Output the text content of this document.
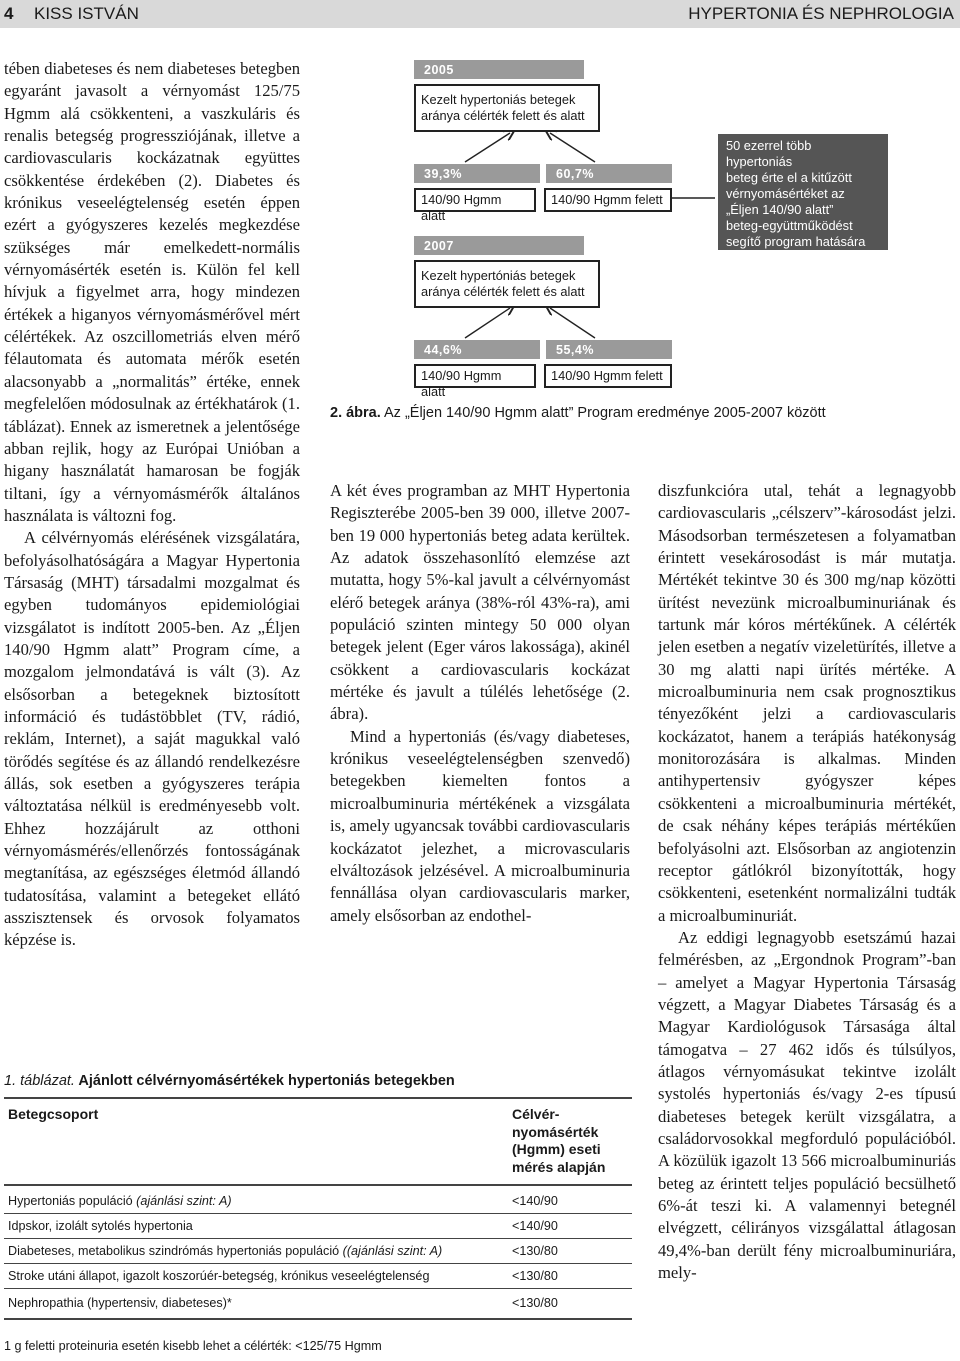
4 KISS ISTVÁN	HYPERTONIA ÉS NEPHROLOGIA

tében diabeteses és nem diabeteses betegben egyaránt javasolt a vérnyomást 125/75 Hgmm alá csökkenteni, a vaszkuláris és renalis betegség progressziójának, illetve a cardiovascularis kockázatnak együttes csökkentése érdekében (2). Diabetes és krónikus veseelégtelenség esetén éppen ezért a gyógyszeres kezelés megkezdése szükséges már emelkedett-normális vérnyomásérték esetén is. Külön fel kell hívjuk a figyelmet arra, hogy mindezen értékek a higanyos vérnyomásmérővel mért célértékek. Az oszcillometriás elven mérő félautomata és automata mérők esetén alacsonyabb a „normalitás” értéke, ennek megfelelően módosulnak az értékhatárok (1. táblázat). Ennek az ismeretnek a jelentősége abban rejlik, hogy az Európai Unióban a higany használatát hamarosan be fogják tiltani, így a vérnyomásmérők általános használata is változni fog.

A célvérnyomás elérésének vizsgálatára, befolyásolhatóságára a Magyar Hypertonia Társaság (MHT) társadalmi mozgalmat és egyben tudományos epidemiológiai vizsgálatot is indított 2005-ben. Az „Éljen 140/90 Hgmm alatt” Program címe, a mozgalom jelmondatává is vált (3). Az elsősorban a betegeknek biztosított információ és tudástöbblet (TV, rádió, reklám, Internet), a saját magukkal való törődés segítése és az állandó rendelkezésre állás, sok esetben a gyógyszeres terápia változtatása nélkül is eredményesebb volt. Ehhez hozzájárult az otthoni vérnyomásmérés/ellenőrzés fontosságának megtanítása, az egészséges életmód állandó tudatosítása, valamint a betegeket ellátó asszisztensek és orvosok folyamatos képzése is.

2005
Kezelt hypertoniás betegek
aránya célérték felett és alatt
39,3%	60,7%
140/90 Hgmm alatt
140/90 Hgmm felett
50 ezerrel több hypertoniás
beteg érte el a kitűzött
vérnyomásértéket az
„Éljen 140/90 alatt”
beteg-együttműködést
segítő program hatására
18 hónap alatt
2007
Kezelt hypertóniás betegek
aránya célérték felett és alatt
44,6%	55,4%
140/90 Hgmm alatt
140/90 Hgmm felett
2. ábra. Az „Éljen 140/90 Hgmm alatt” Program eredménye 2005-2007 között

A két éves programban az MHT Hypertonia Regiszterébe 2005-ben 39 000, illetve 2007-ben 19 000 hypertoniás beteg adata kerültek. Az adatok összehasonlító elemzése azt mutatta, hogy 5%-kal javult a célvérnyomást elérő betegek aránya (38%-ról 43%-ra), ami populáció szinten mintegy 50 000 olyan betegek jelent (Eger város lakossága), akinél csökkent a cardiovascularis kockázat mértéke és javult a túlélés lehetősége (2. ábra).

Mind a hypertoniás (és/vagy diabeteses, krónikus veseelégtelenségben szenvedő) betegekben kiemelten fontos a microalbuminuria mértékének a vizsgálata is, amely ugyancsak további cardiovascularis kockázatot jelezhet, a microvascularis elváltozások jelzésével. A microalbuminuria fennállása olyan cardiovascularis marker, amely elsősorban az endothel-

diszfunkcióra utal, tehát a legnagyobb cardiovascularis „célszerv”-károsodást jelzi. Másodsorban természetesen a folyamatban érintett vesekárosodást is már mutatja. Mértékét tekintve 30 és 300 mg/nap közötti ürítést nevezünk microalbuminuriának és tartunk már kóros mértékűnek. A célérték jelen esetben a negatív vizeletürítés, illetve a 30 mg alatti napi ürítés mértéke. A microalbuminuria nem csak prognosztikus tényezőként jelzi a cardiovascularis kockázatot, hanem a terápiás hatékonyság monitorozására is alkalmas. Minden antihypertensiv gyógyszer képes csökkenteni a microalbuminuria mértékét, de csak néhány képes terápiás mértékűen befolyásolni azt. Elsősorban az angiotenzin receptor gátlókról bizonyították, hogy csökkenteni, esetenként normalizálni tudták a microalbuminuriát.

Az eddigi legnagyobb esetszámú hazai felmérésben, az „Ergondnok Program”-ban – amelyet a Magyar Hypertonia Társaság végzett, a Magyar Diabetes Társaság és a Magyar Kardiológusok Társasága által támogatva – 27 462 idős és túlsúlyos, átlagos vérnyomásukat tekintve izolált systolés hypertoniás és/vagy 2-es típusú diabeteses betegek került vizsgálatra, a családorvosokkal megforduló populációból. A közülük igazolt 13 566 microalbuminuriás beteg az érintett teljes populáció becsülhető 6%-át teszi ki. A valamennyi betegnél elvégzett, célirányos vizsgálattal átlagosan 49,4%-ban derült fény microalbuminuriára, mely-

1. táblázat. Ajánlott célvérnyomásértékek hypertoniás betegekben
Betegcsoport	Célvér-
nyomásérték
(Hgmm) eseti
mérés alapján
Hypertoniás populáció (ajánlási szint: A)	<140/90
Idpskor, izolált sytolés hypertonia	<140/90
Diabeteses, metabolikus szindrómás hypertoniás populáció ((ajánlási szint: A)	<130/80
Stroke utáni állapot, igazolt koszorúér-betegség, krónikus veseelégtelenség	<130/80
Nephropathia (hypertensiv, diabeteses)*	<130/80
1 g feletti proteinuria esetén kisebb lehet a célérték: <125/75 Hgmm
